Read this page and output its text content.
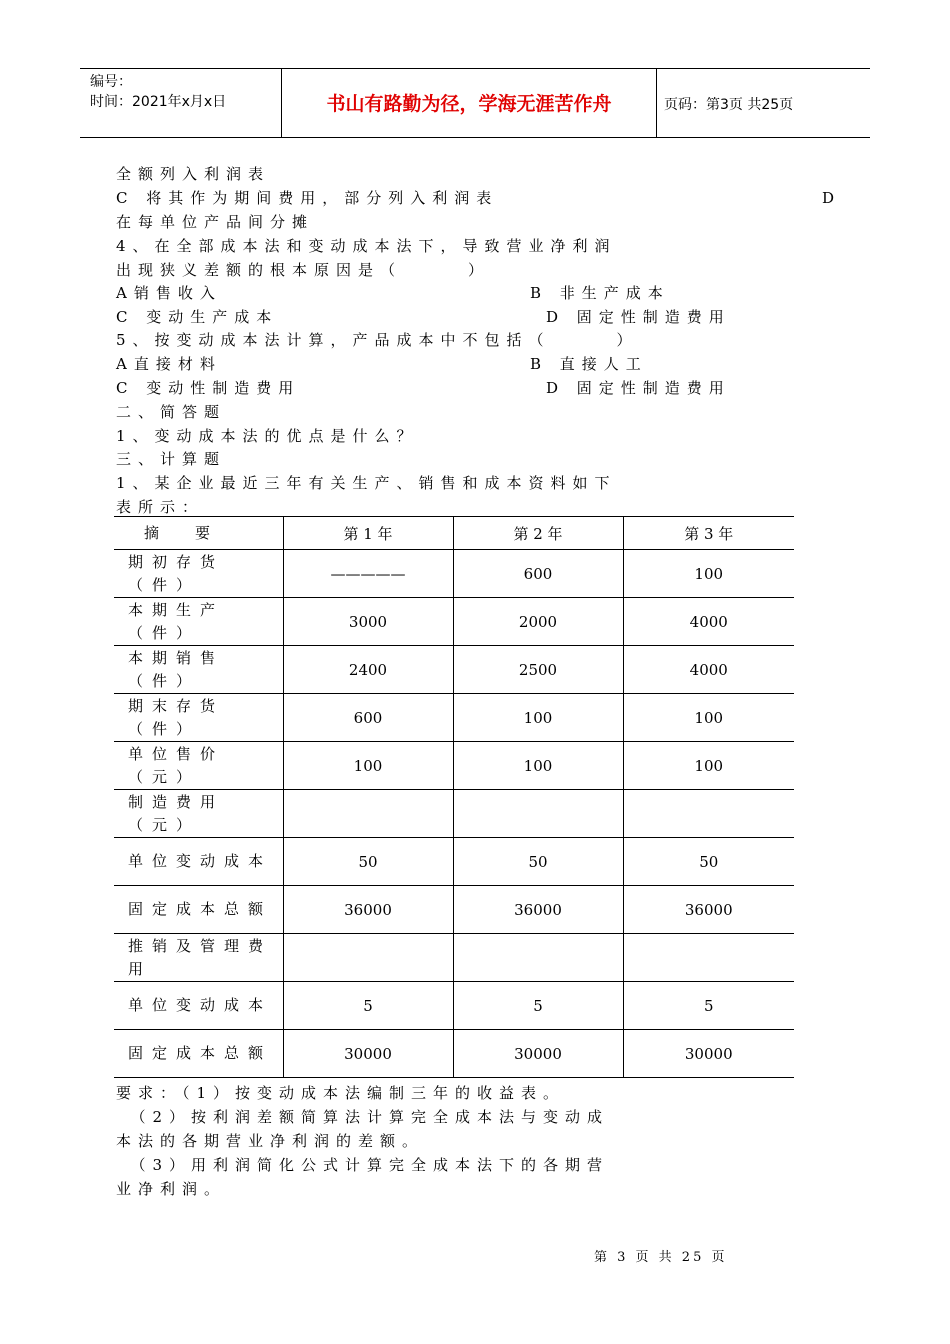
编号：
时间：2021年x月x日	书山有路勤为径，学海无涯苦作舟	页码：第3页 共25页
全额列入利润表
C 将其作为期间费用，部分列入利润表	D
在每单位产品间分摊
4、在全部成本法和变动成本法下，导致营业净利润
出现狭义差额的根本原因是（　　　）
A销售收入	B 非生产成本
C 变动生产成本	D 固定性制造费用
5、按变动成本法计算，产品成本中不包括（　　　）
A直接材料	B 直接人工
C 变动性制造费用	D 固定性制造费用
二、简答题
1、变动成本法的优点是什么？
三、计算题
1、某企业最近三年有关生产、销售和成本资料如下
表所示：
摘　　要	第 1 年	第 2 年	第 3 年
期初存货（件）	—————	600	100
本期生产（件）	3000	2000	4000
本期销售（件）	2400	2500	4000
期末存货（件）	600	100	100
单位售价（元）	100	100	100
制造费用（元）			
单位变动成本	50	50	50
固定成本总额	36000	36000	36000
推销及管理费用			
单位变动成本	5	5	5
固定成本总额	30000	30000	30000
要求：（1）按变动成本法编制三年的收益表。
　（2）按利润差额简算法计算完全成本法与变动成
本法的各期营业净利润的差额。
　（3）用利润简化公式计算完全成本法下的各期营
业净利润。
第 3 页 共 25 页
